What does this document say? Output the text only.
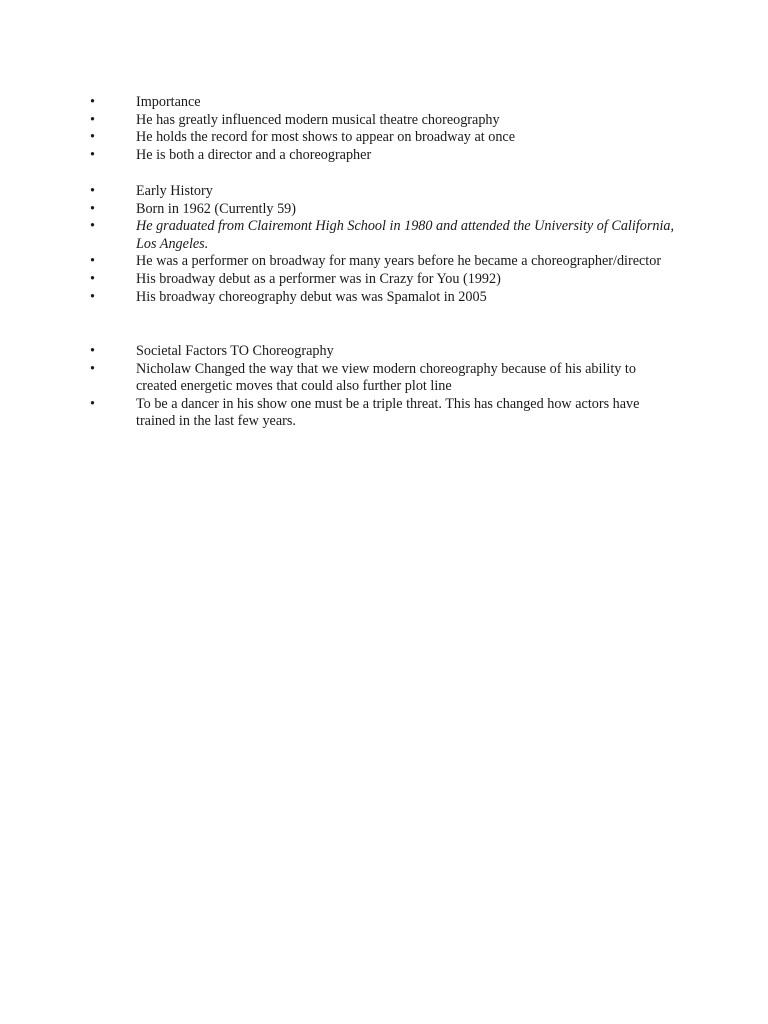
•	Importance
•	He has greatly influenced modern musical theatre choreography
•	He holds the record for most shows to appear on broadway at once
•	He is both a director and a choreographer
•	Early History
•	Born in 1962 (Currently 59)
•	He graduated from Clairemont High School in 1980 and attended the University of California, Los Angeles.
•	He was a performer on broadway for many years before he became a choreographer/director
•	His broadway debut as a performer was in Crazy for You (1992)
•	His broadway choreography debut was was Spamalot in 2005
•	Societal Factors TO Choreography
•	Nicholaw Changed the way that we view modern choreography because of his ability to created energetic moves that could also further plot line
•	To be a dancer in his show one must be a triple threat. This has changed how actors have trained in the last few years.
